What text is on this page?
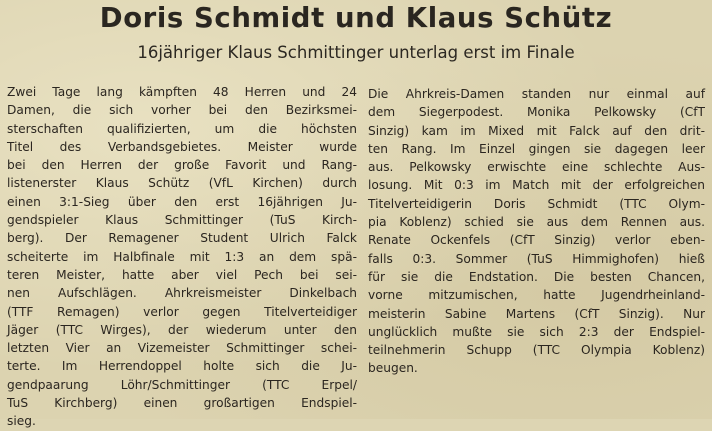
Doris Schmidt und Klaus Schütz
16jähriger Klaus Schmittinger unterlag erst im Finale
Zwei Tage lang kämpften 48 Herren und 24
Damen, die sich vorher bei den Bezirksmei-
sterschaften qualifizierten, um die höchsten
Titel des Verbandsgebietes. Meister wurde
bei den Herren der große Favorit und Rang-
listenerster Klaus Schütz (VfL Kirchen) durch
einen 3:1-Sieg über den erst 16jährigen Ju-
gendspieler Klaus Schmittinger (TuS Kirch-
berg). Der Remagener Student Ulrich Falck
scheiterte im Halbfinale mit 1:3 an dem spä-
teren Meister, hatte aber viel Pech bei sei-
nen Aufschlägen. Ahrkreismeister Dinkelbach
(TTF Remagen) verlor gegen Titelverteidiger
Jäger (TTC Wirges), der wiederum unter den
letzten Vier an Vizemeister Schmittinger schei-
terte. Im Herrendoppel holte sich die Ju-
gendpaarung Löhr/Schmittinger (TTC Erpel/
TuS Kirchberg) einen großartigen Endspiel-
sieg.
Die Ahrkreis-Damen standen nur einmal auf
dem Siegerpodest. Monika Pelkowsky (CfT
Sinzig) kam im Mixed mit Falck auf den drit-
ten Rang. Im Einzel gingen sie dagegen leer
aus. Pelkowsky erwischte eine schlechte Aus-
losung. Mit 0:3 im Match mit der erfolgreichen
Titelverteidigerin Doris Schmidt (TTC Olym-
pia Koblenz) schied sie aus dem Rennen aus.
Renate Ockenfels (CfT Sinzig) verlor eben-
falls 0:3. Sommer (TuS Himmighofen) hieß
für sie die Endstation. Die besten Chancen,
vorne mitzumischen, hatte Jugendrheinland-
meisterin Sabine Martens (CfT Sinzig). Nur
unglücklich mußte sie sich 2:3 der Endspiel-
teilnehmerin Schupp (TTC Olympia Koblenz)
beugen.
